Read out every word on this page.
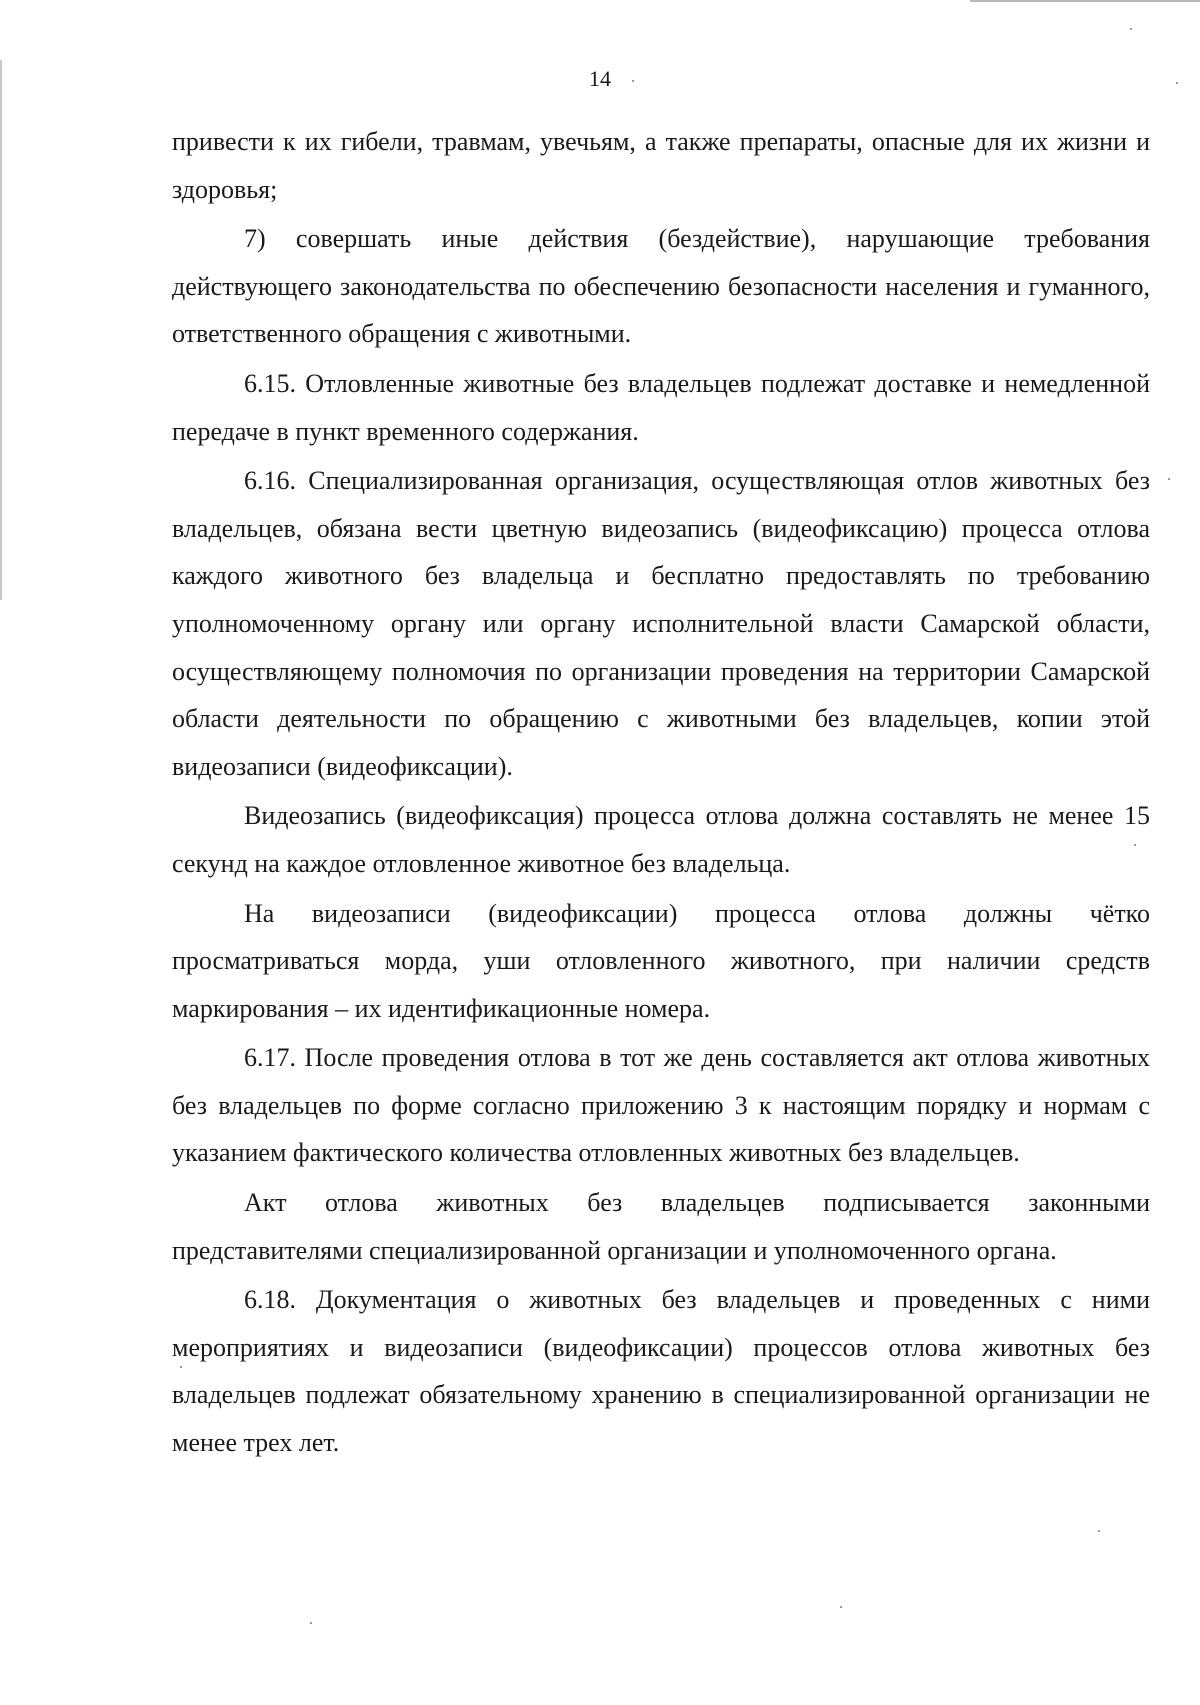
14

привести к их гибели, травмам, увечьям, а также препараты, опасные для их жизни и здоровья;

7) совершать иные действия (бездействие), нарушающие требования действующего законодательства по обеспечению безопасности населения и гуманного, ответственного обращения с животными.

6.15. Отловленные животные без владельцев подлежат доставке и немедленной передаче в пункт временного содержания.

6.16. Специализированная организация, осуществляющая отлов животных без владельцев, обязана вести цветную видеозапись (видеофиксацию) процесса отлова каждого животного без владельца и бесплатно предоставлять по требованию уполномоченному органу или органу исполнительной власти Самарской области, осуществляющему полномочия по организации проведения на территории Самарской области деятельности по обращению с животными без владельцев, копии этой видеозаписи (видеофиксации).

Видеозапись (видеофиксация) процесса отлова должна составлять не менее 15 секунд на каждое отловленное животное без владельца.

На видеозаписи (видеофиксации) процесса отлова должны чётко просматриваться морда, уши отловленного животного, при наличии средств маркирования – их идентификационные номера.

6.17. После проведения отлова в тот же день составляется акт отлова животных без владельцев по форме согласно приложению 3 к настоящим порядку и нормам с указанием фактического количества отловленных животных без владельцев.

Акт отлова животных без владельцев подписывается законными представителями специализированной организации и уполномоченного органа.

6.18. Документация о животных без владельцев и проведенных с ними мероприятиях и видеозаписи (видеофиксации) процессов отлова животных без владельцев подлежат обязательному хранению в специализированной организации не менее трех лет.
